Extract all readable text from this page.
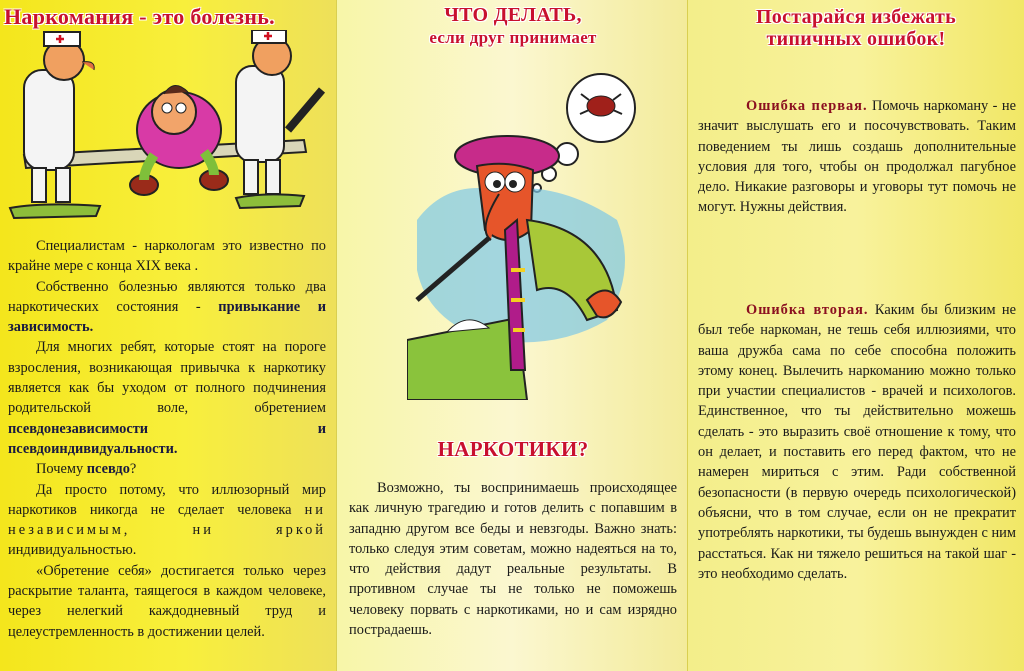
Наркомания - это болезнь.

Специалистам - наркологам это известно по крайне мере с конца XIX века .

Собственно болезнью являются только два наркотических состояния - привыкание и зависимость.

Для многих ребят, которые стоят на пороге взросления, возникающая привычка к наркотику является как бы уходом от полного подчинения родительской воле, обретением псевдонезависимости и псевдоиндивидуальности.

Почему псевдо?

Да просто потому, что иллюзорный мир наркотиков никогда не сделает человека ни независимым, ни яркой индивидуальностью.

«Обретение себя» достигается только через раскрытие таланта, таящегося в каждом человеке, через нелегкий каждодневный труд и целеустремленность в достижении целей.

ЧТО ДЕЛАТЬ,
если друг принимает
НАРКОТИКИ?
Возможно, ты воспринимаешь происходящее как личную трагедию и готов делить с попавшим в западню другом все беды и невзгоды. Важно знать: только следуя этим советам, можно надеяться на то, что действия дадут реальные результаты. В противном случае ты не только не поможешь человеку порвать с наркотиками, но и сам изрядно пострадаешь.
Постарайся избежать
типичных ошибок!
Ошибка первая. Помочь наркоману - не значит выслушать его и посочувствовать. Таким поведением ты лишь создашь дополнительные условия для того, чтобы он продолжал пагубное дело. Никакие разговоры и уговоры тут помочь не могут. Нужны действия.
Ошибка вторая. Каким бы близким не был тебе наркоман, не тешь себя иллюзиями, что ваша дружба сама по себе способна положить этому конец. Вылечить наркоманию можно только при участии специалистов - врачей и психологов. Единственное, что ты действительно можешь сделать - это выразить своё отношение к тому, что он делает, и поставить его перед фактом, что не намерен мириться с этим. Ради собственной безопасности (в первую очередь психологической) объясни, что в том случае, если он не прекратит употреблять наркотики, ты будешь вынужден с ним расстаться. Как ни тяжело решиться на такой шаг - это необходимо сделать.
